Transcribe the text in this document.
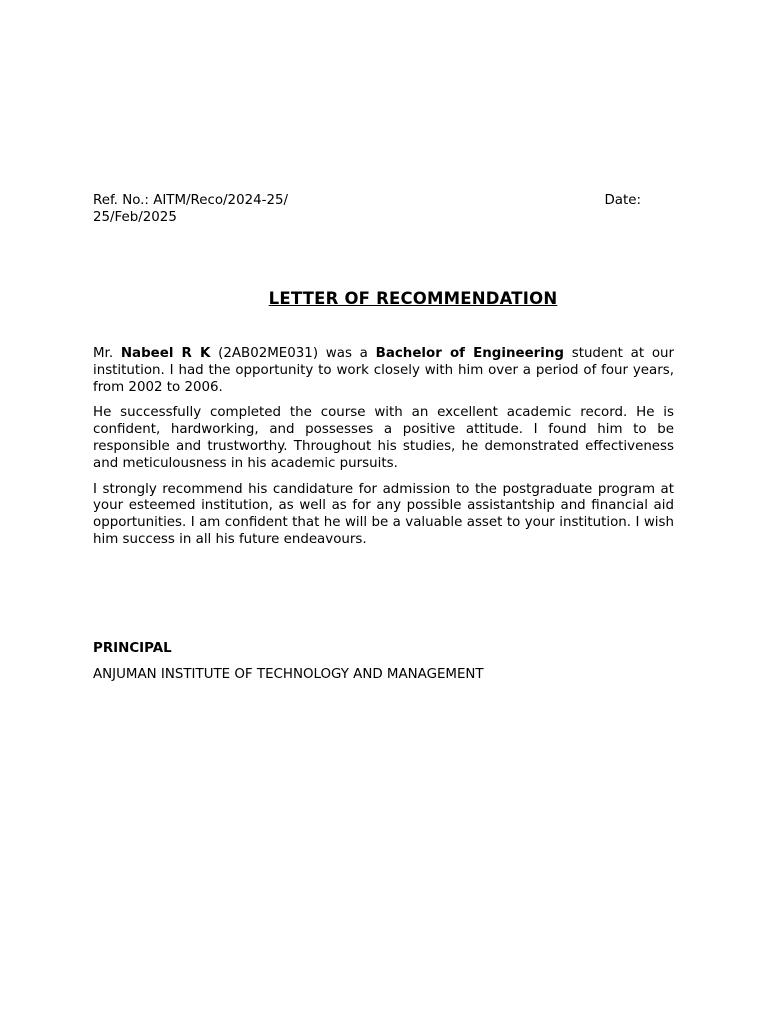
Ref. No.: AITM/Reco/2024-25/	Date:
25/Feb/2025
LETTER OF RECOMMENDATION

Mr. Nabeel R K (2AB02ME031) was a Bachelor of Engineering student at our institution. I had the opportunity to work closely with him over a period of four years, from 2002 to 2006.

He successfully completed the course with an excellent academic record. He is confident, hardworking, and possesses a positive attitude. I found him to be responsible and trustworthy. Throughout his studies, he demonstrated effectiveness and meticulousness in his academic pursuits.

I strongly recommend his candidature for admission to the postgraduate program at your esteemed institution, as well as for any possible assistantship and financial aid opportunities. I am confident that he will be a valuable asset to your institution. I wish him success in all his future endeavours.

PRINCIPAL

ANJUMAN INSTITUTE OF TECHNOLOGY AND MANAGEMENT
